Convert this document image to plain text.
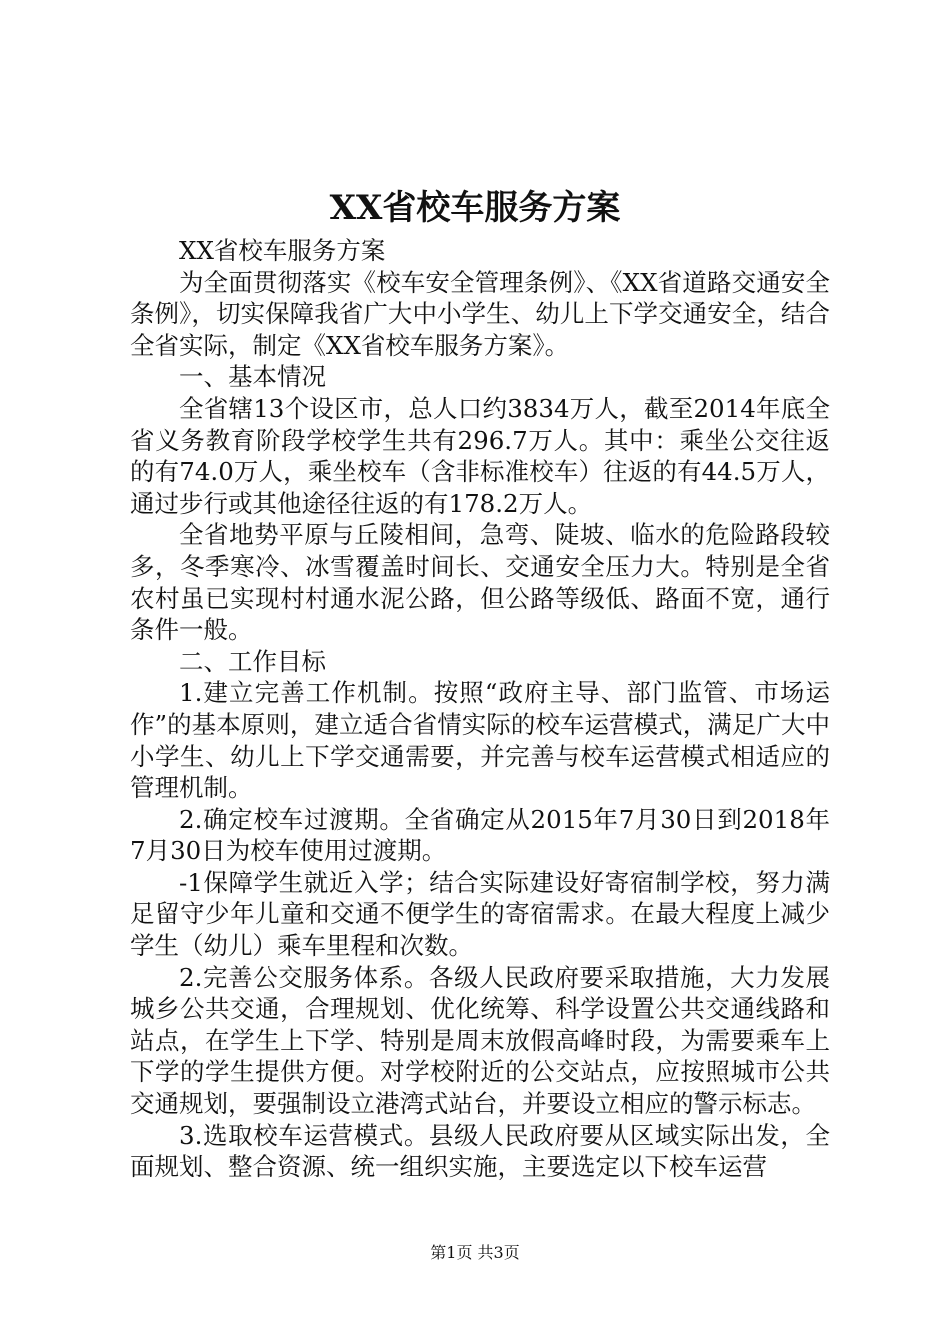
XX省校车服务方案

XX省校车服务方案

为全面贯彻落实《校车安全管理条例》、《XX省道路交通安全条例》，切实保障我省广大中小学生、幼儿上下学交通安全，结合全省实际，制定《XX省校车服务方案》。

一、基本情况

全省辖13个设区市，总人口约3834万人，截至2014年底全省义务教育阶段学校学生共有296.7万人。其中：乘坐公交往返的有74.0万人，乘坐校车（含非标准校车）往返的有44.5万人，通过步行或其他途径往返的有178.2万人。

全省地势平原与丘陵相间，急弯、陡坡、临水的危险路段较多，冬季寒冷、冰雪覆盖时间长、交通安全压力大。特别是全省农村虽已实现村村通水泥公路，但公路等级低、路面不宽，通行条件一般。

二、工作目标

1.建立完善工作机制。按照“政府主导、部门监管、市场运作”的基本原则，建立适合省情实际的校车运营模式，满足广大中小学生、幼儿上下学交通需要，并完善与校车运营模式相适应的管理机制。

2.确定校车过渡期。全省确定从2015年7月30日到2018年7月30日为校车使用过渡期。

-1保障学生就近入学；结合实际建设好寄宿制学校，努力满足留守少年儿童和交通不便学生的寄宿需求。在最大程度上减少学生（幼儿）乘车里程和次数。

2.完善公交服务体系。各级人民政府要采取措施，大力发展城乡公共交通，合理规划、优化统筹、科学设置公共交通线路和站点，在学生上下学、特别是周末放假高峰时段，为需要乘车上下学的学生提供方便。对学校附近的公交站点，应按照城市公共交通规划，要强制设立港湾式站台，并要设立相应的警示标志。

3.选取校车运营模式。县级人民政府要从区域实际出发，全面规划、整合资源、统一组织实施，主要选定以下校车运营

第1页 共3页
